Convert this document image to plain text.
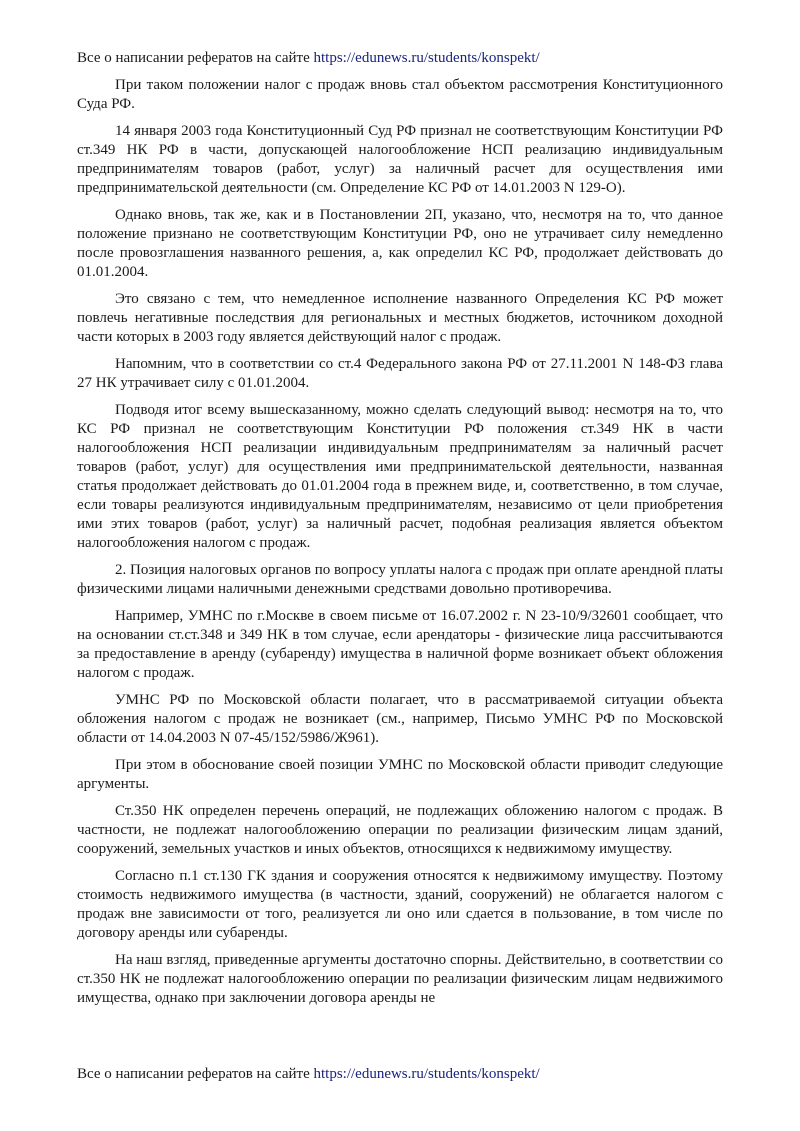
Все о написании рефератов на сайте https://edunews.ru/students/konspekt/

При таком положении налог с продаж вновь стал объектом рассмотрения Конституционного Суда РФ.

14 января 2003 года Конституционный Суд РФ признал не соответствующим Конституции РФ ст.349 НК РФ в части, допускающей налогообложение НСП реализацию индивидуальным предпринимателям товаров (работ, услуг) за наличный расчет для осуществления ими предпринимательской деятельности (см. Определение КС РФ от 14.01.2003 N 129-О).

Однако вновь, так же, как и в Постановлении 2П, указано, что, несмотря на то, что данное положение признано не соответствующим Конституции РФ, оно не утрачивает силу немедленно после провозглашения названного решения, а, как определил КС РФ, продолжает действовать до 01.01.2004.

Это связано с тем, что немедленное исполнение названного Определения КС РФ может повлечь негативные последствия для региональных и местных бюджетов, источником доходной части которых в 2003 году является действующий налог с продаж.

Напомним, что в соответствии со ст.4 Федерального закона РФ от 27.11.2001 N 148-ФЗ глава 27 НК утрачивает силу с 01.01.2004.

Подводя итог всему вышесказанному, можно сделать следующий вывод: несмотря на то, что КС РФ признал не соответствующим Конституции РФ положения ст.349 НК в части налогообложения НСП реализации индивидуальным предпринимателям за наличный расчет товаров (работ, услуг) для осуществления ими предпринимательской деятельности, названная статья продолжает действовать до 01.01.2004 года в прежнем виде, и, соответственно, в том случае, если товары реализуются индивидуальным предпринимателям, независимо от цели приобретения ими этих товаров (работ, услуг) за наличный расчет, подобная реализация является объектом налогообложения налогом с продаж.

2. Позиция налоговых органов по вопросу уплаты налога с продаж при оплате арендной платы физическими лицами наличными денежными средствами довольно противоречива.

Например, УМНС по г.Москве в своем письме от 16.07.2002 г. N 23-10/9/32601 сообщает, что на основании ст.ст.348 и 349 НК в том случае, если арендаторы - физические лица рассчитываются за предоставление в аренду (субаренду) имущества в наличной форме возникает объект обложения налогом с продаж.

УМНС РФ по Московской области полагает, что в рассматриваемой ситуации объекта обложения налогом с продаж не возникает (см., например, Письмо УМНС РФ по Московской области от 14.04.2003 N 07-45/152/5986/Ж961).

При этом в обоснование своей позиции УМНС по Московской области приводит следующие аргументы.

Ст.350 НК определен перечень операций, не подлежащих обложению налогом с продаж. В частности, не подлежат налогообложению операции по реализации физическим лицам зданий, сооружений, земельных участков и иных объектов, относящихся к недвижимому имуществу.

Согласно п.1 ст.130 ГК здания и сооружения относятся к недвижимому имуществу. Поэтому стоимость недвижимого имущества (в частности, зданий, сооружений) не облагается налогом с продаж вне зависимости от того, реализуется ли оно или сдается в пользование, в том числе по договору аренды или субаренды.

На наш взгляд, приведенные аргументы достаточно спорны. Действительно, в соответствии со ст.350 НК не подлежат налогообложению операции по реализации физическим лицам недвижимого имущества, однако при заключении договора аренды не

Все о написании рефератов на сайте https://edunews.ru/students/konspekt/
